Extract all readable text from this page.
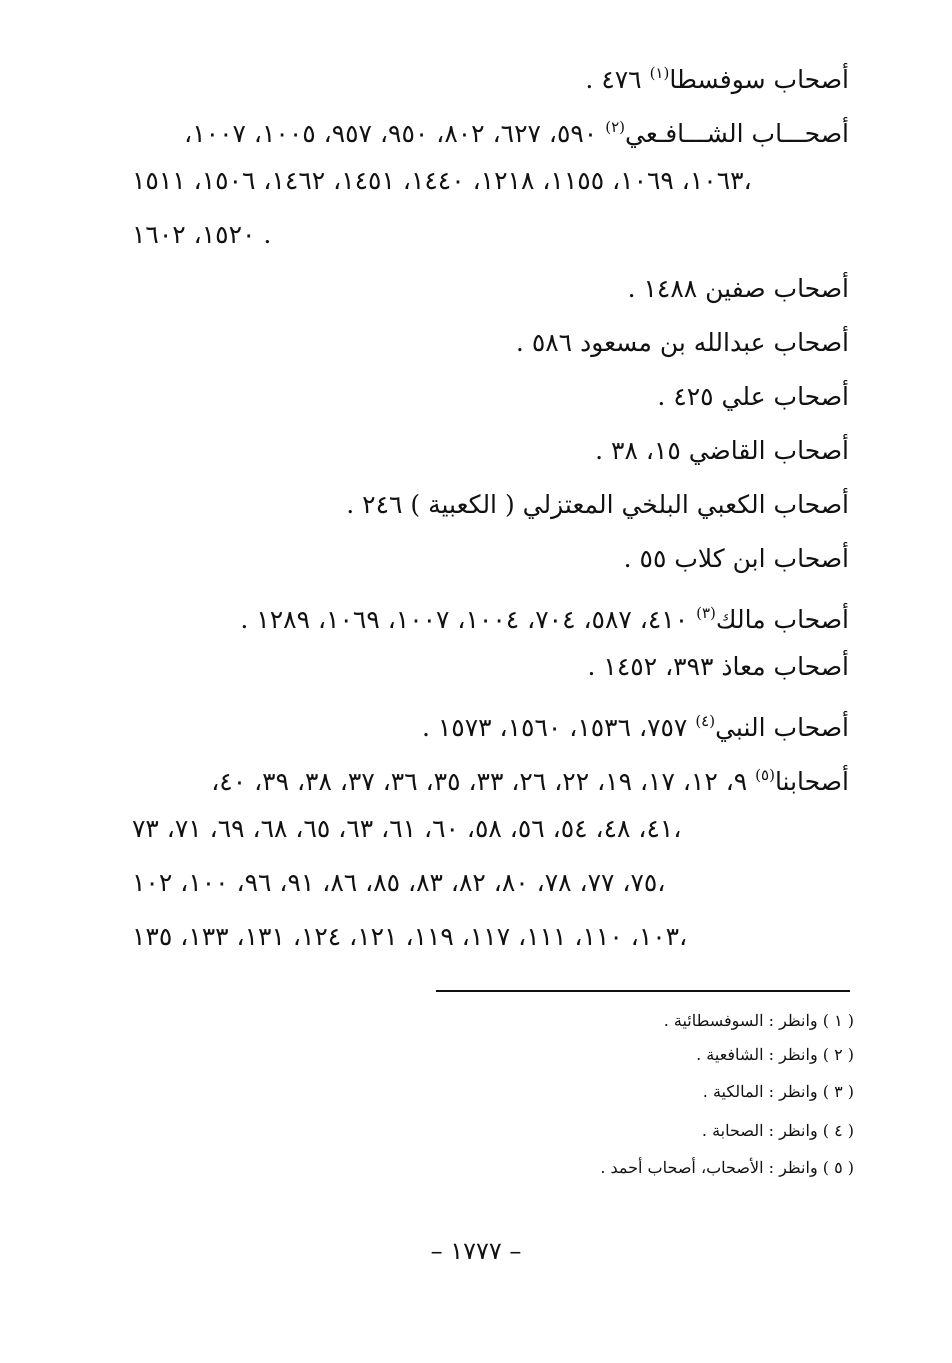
أصحاب سوفسطا$^{(١)}$ ٤٧٦ .
أصحـــاب الشـــافـعي$^{(٢)}$ ٥٩٠، ٦٢٧، ٨٠٢، ٩٥٠، ٩٥٧، ١٠٠٥، ١٠٠٧،
١٠٦٣، ١٠٦٩، ١١٥٥، ١٢١٨، ١٤٤٠، ١٤٥١، ١٤٦٢، ١٥٠٦، ١٥١١،
١٥٢٠، ١٦٠٢ .
أصحاب صفين ١٤٨٨ .
أصحاب عبدالله بن مسعود ٥٨٦ .
أصحاب علي ٤٢٥ .
أصحاب القاضي ١٥، ٣٨ .
أصحاب الكعبي البلخي المعتزلي ( الكعبية ) ٢٤٦ .
أصحاب ابن كلاب ٥٥ .
أصحاب مالك$^{(٣)}$ ٤١٠، ٥٨٧، ٧٠٤، ١٠٠٤، ١٠٠٧، ١٠٦٩، ١٢٨٩ .
أصحاب معاذ ٣٩٣، ١٤٥٢ .
أصحاب النبي$^{(٤)}$ ٧٥٧، ١٥٣٦، ١٥٦٠، ١٥٧٣ .
أصحابنا$^{(٥)}$ ٩، ١٢، ١٧، ١٩، ٢٢، ٢٦، ٣٣، ٣٥، ٣٦، ٣٧، ٣٨، ٣٩، ٤٠،
٤١، ٤٨، ٥٤، ٥٦، ٥٨، ٦٠، ٦١، ٦٣، ٦٥، ٦٨، ٦٩، ٧١، ٧٣،
٧٥، ٧٧، ٧٨، ٨٠، ٨٢، ٨٣، ٨٥، ٨٦، ٩١، ٩٦، ١٠٠، ١٠٢،
١٠٣، ١١٠، ١١١، ١١٧، ١١٩، ١٢١، ١٢٤، ١٣١، ١٣٣، ١٣٥،
( ١ ) وانظر : السوفسطائية .
( ٢ ) وانظر : الشافعية .
( ٣ ) وانظر : المالكية .
( ٤ ) وانظر : الصحابة .
( ٥ ) وانظر : الأصحاب، أصحاب أحمد .
– ١٧٧٧ –
